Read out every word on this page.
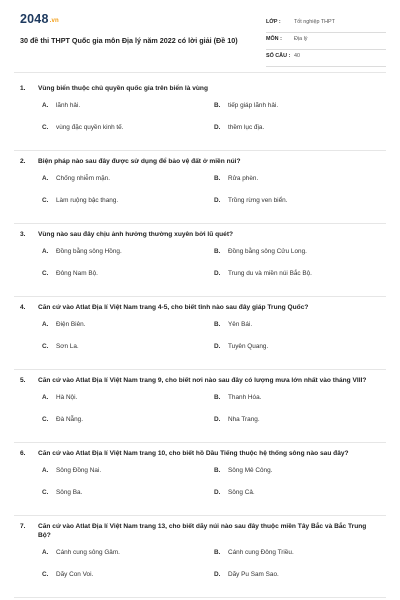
2048.vn
30 đề thi THPT Quốc gia môn Địa lý năm 2022 có lời giải (Đề 10)
LỚP : Tốt nghiệp THPT
MÔN : Địa lý
SỐ CÂU : 40
1.	Vùng biển thuộc chủ quyền quốc gia trên biển là vùng
A. lãnh hải.	B. tiếp giáp lãnh hải.
C. vùng đặc quyền kinh tế.	D. thềm lục địa.
2.	Biện pháp nào sau đây được sử dụng để bảo vệ đất ở miền núi?
A. Chống nhiễm mặn.	B. Rửa phèn.
C. Làm ruộng bậc thang.	D. Trồng rừng ven biển.
3.	Vùng nào sau đây chịu ảnh hưởng thường xuyên bởi lũ quét?
A. Đồng bằng sông Hồng.	B. Đồng bằng sông Cửu Long.
C. Đông Nam Bộ.	D. Trung du và miền núi Bắc Bộ.
4.	Căn cứ vào Atlat Địa lí Việt Nam trang 4-5, cho biết tỉnh nào sau đây giáp Trung Quốc?
A. Điện Biên.	B. Yên Bái.
C. Sơn La.	D. Tuyên Quang.
5.	Căn cứ vào Atlat Địa lí Việt Nam trang 9, cho biết nơi nào sau đây có lượng mưa lớn nhất vào tháng VIII?
A. Hà Nội.	B. Thanh Hóa.
C. Đà Nẵng.	D. Nha Trang.
6.	Căn cứ vào Atlat Địa lí Việt Nam trang 10, cho biết hồ Dầu Tiếng thuộc hệ thống sông nào sau đây?
A. Sông Đồng Nai.	B. Sông Mê Công.
C. Sông Ba.	D. Sông Cả.
7.	Căn cứ vào Atlat Địa lí Việt Nam trang 13, cho biết dãy núi nào sau đây thuộc miền Tây Bắc và Bắc Trung Bộ?
A. Cánh cung sông Gâm.	B. Cánh cung Đông Triều.
C. Dãy Con Voi.	D. Dãy Pu Sam Sao.
